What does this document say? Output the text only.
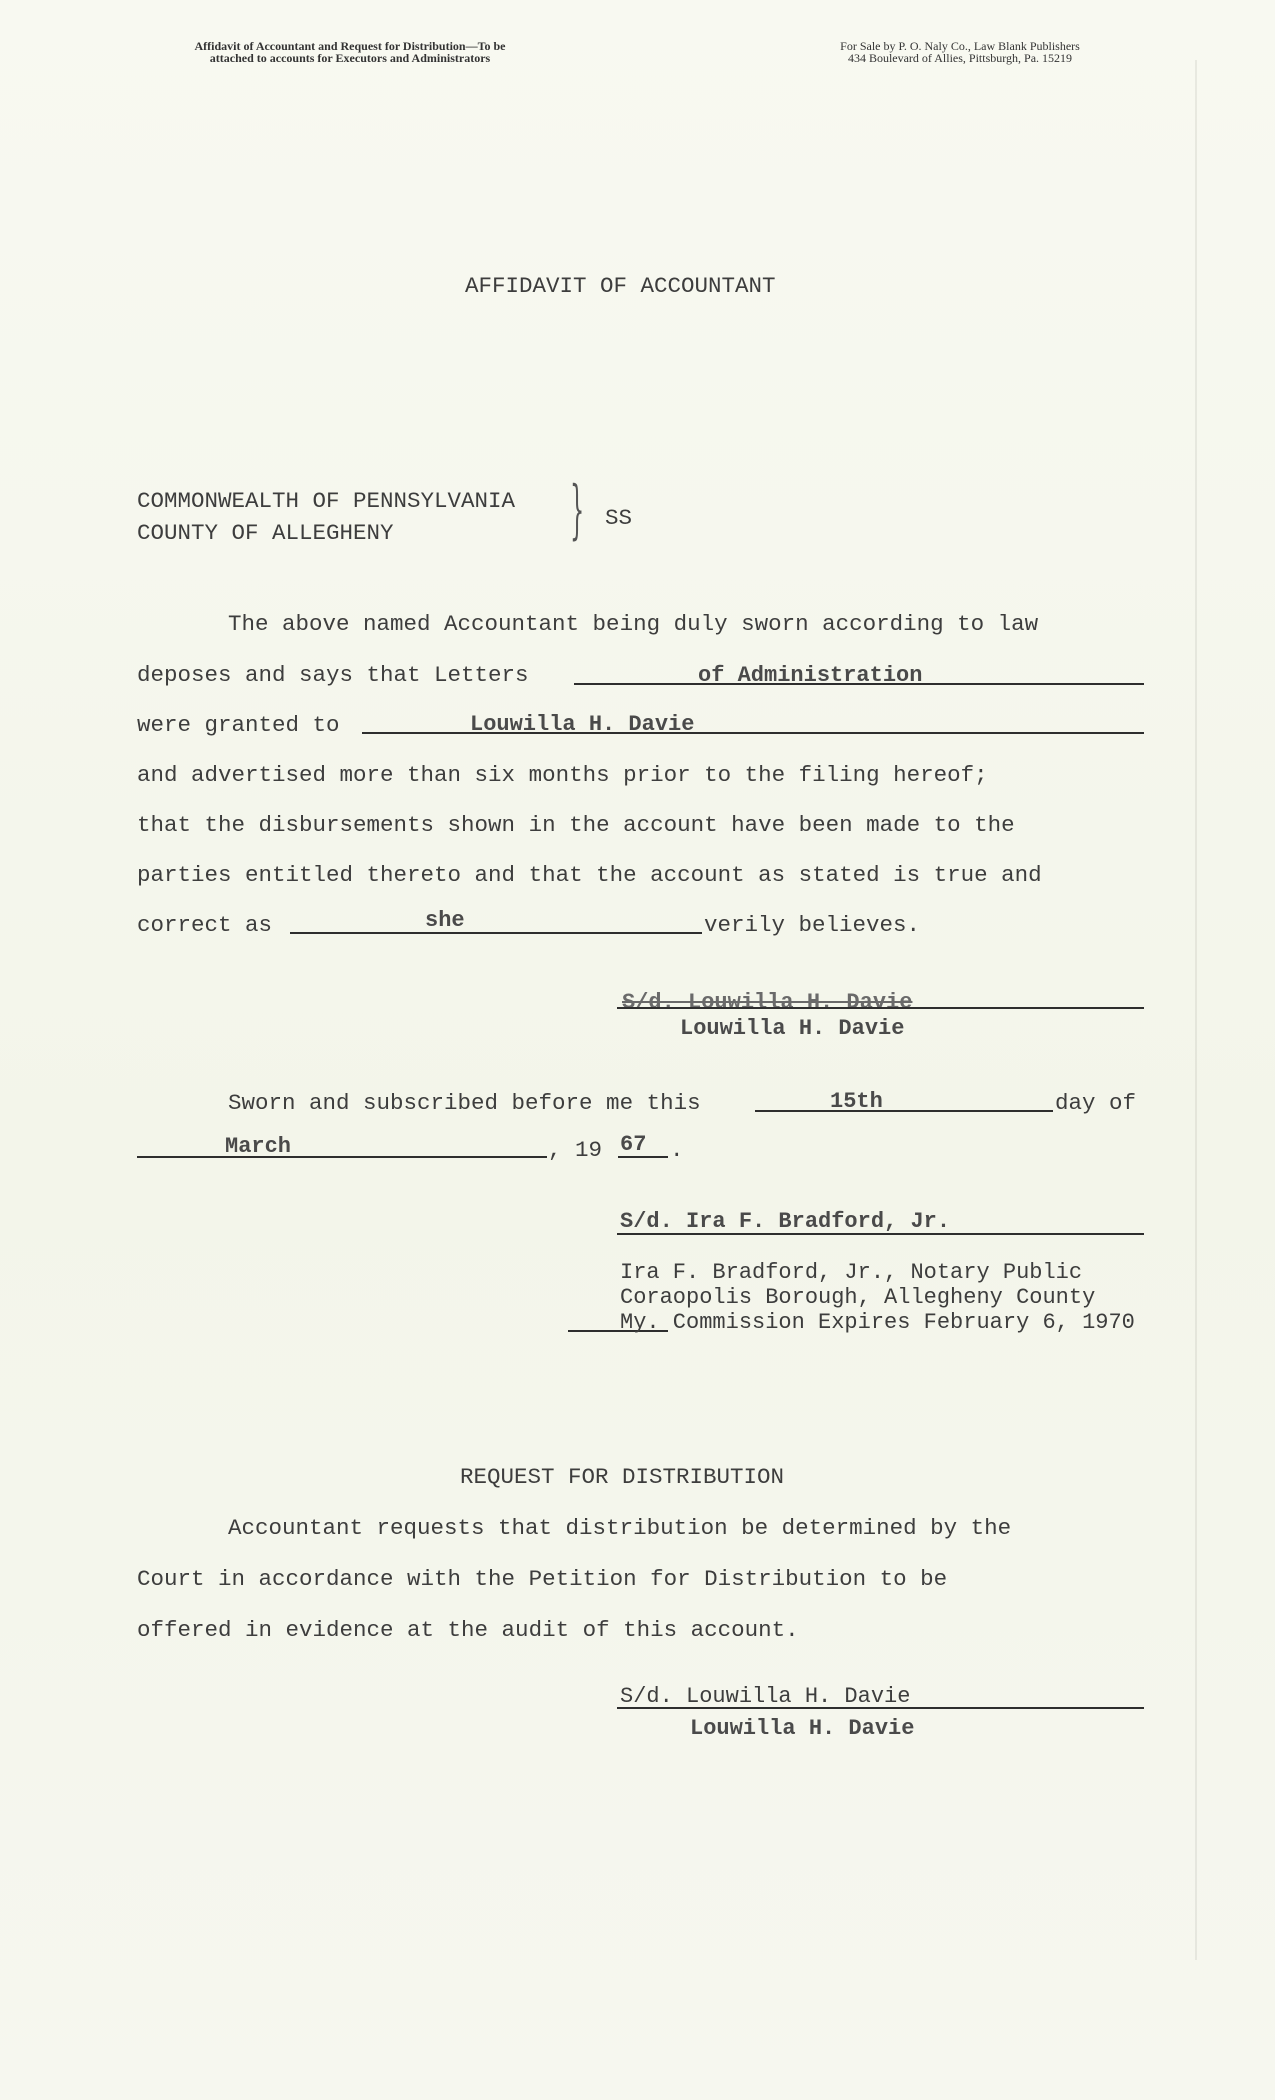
Affidavit of Accountant and Request for Distribution—To be
attached to accounts for Executors and Administrators
For Sale by P. O. Naly Co., Law Blank Publishers
434 Boulevard of Allies, Pittsburgh, Pa. 15219
AFFIDAVIT OF ACCOUNTANT
COMMONWEALTH OF PENNSYLVANIA
COUNTY OF ALLEGHENY	} SS
The above named Accountant being duly sworn according to law
deposes and says that Letters	of Administration
were granted to	Louwilla H. Davie
and advertised more than six months prior to the filing hereof;
that the disbursements shown in the account have been made to the
parties entitled thereto and that the account as stated is true and
correct as	she	verily believes.
S/d. Louwilla H. Davie
Louwilla H. Davie
Sworn and subscribed before me this	15th	day of
March	, 19 67 .
S/d. Ira F. Bradford, Jr.
Ira F. Bradford, Jr., Notary Public
Coraopolis Borough, Allegheny County
My. Commission Expires February 6, 1970
REQUEST FOR DISTRIBUTION
Accountant requests that distribution be determined by the
Court in accordance with the Petition for Distribution to be
offered in evidence at the audit of this account.
S/d. Louwilla H. Davie
Louwilla H. Davie
